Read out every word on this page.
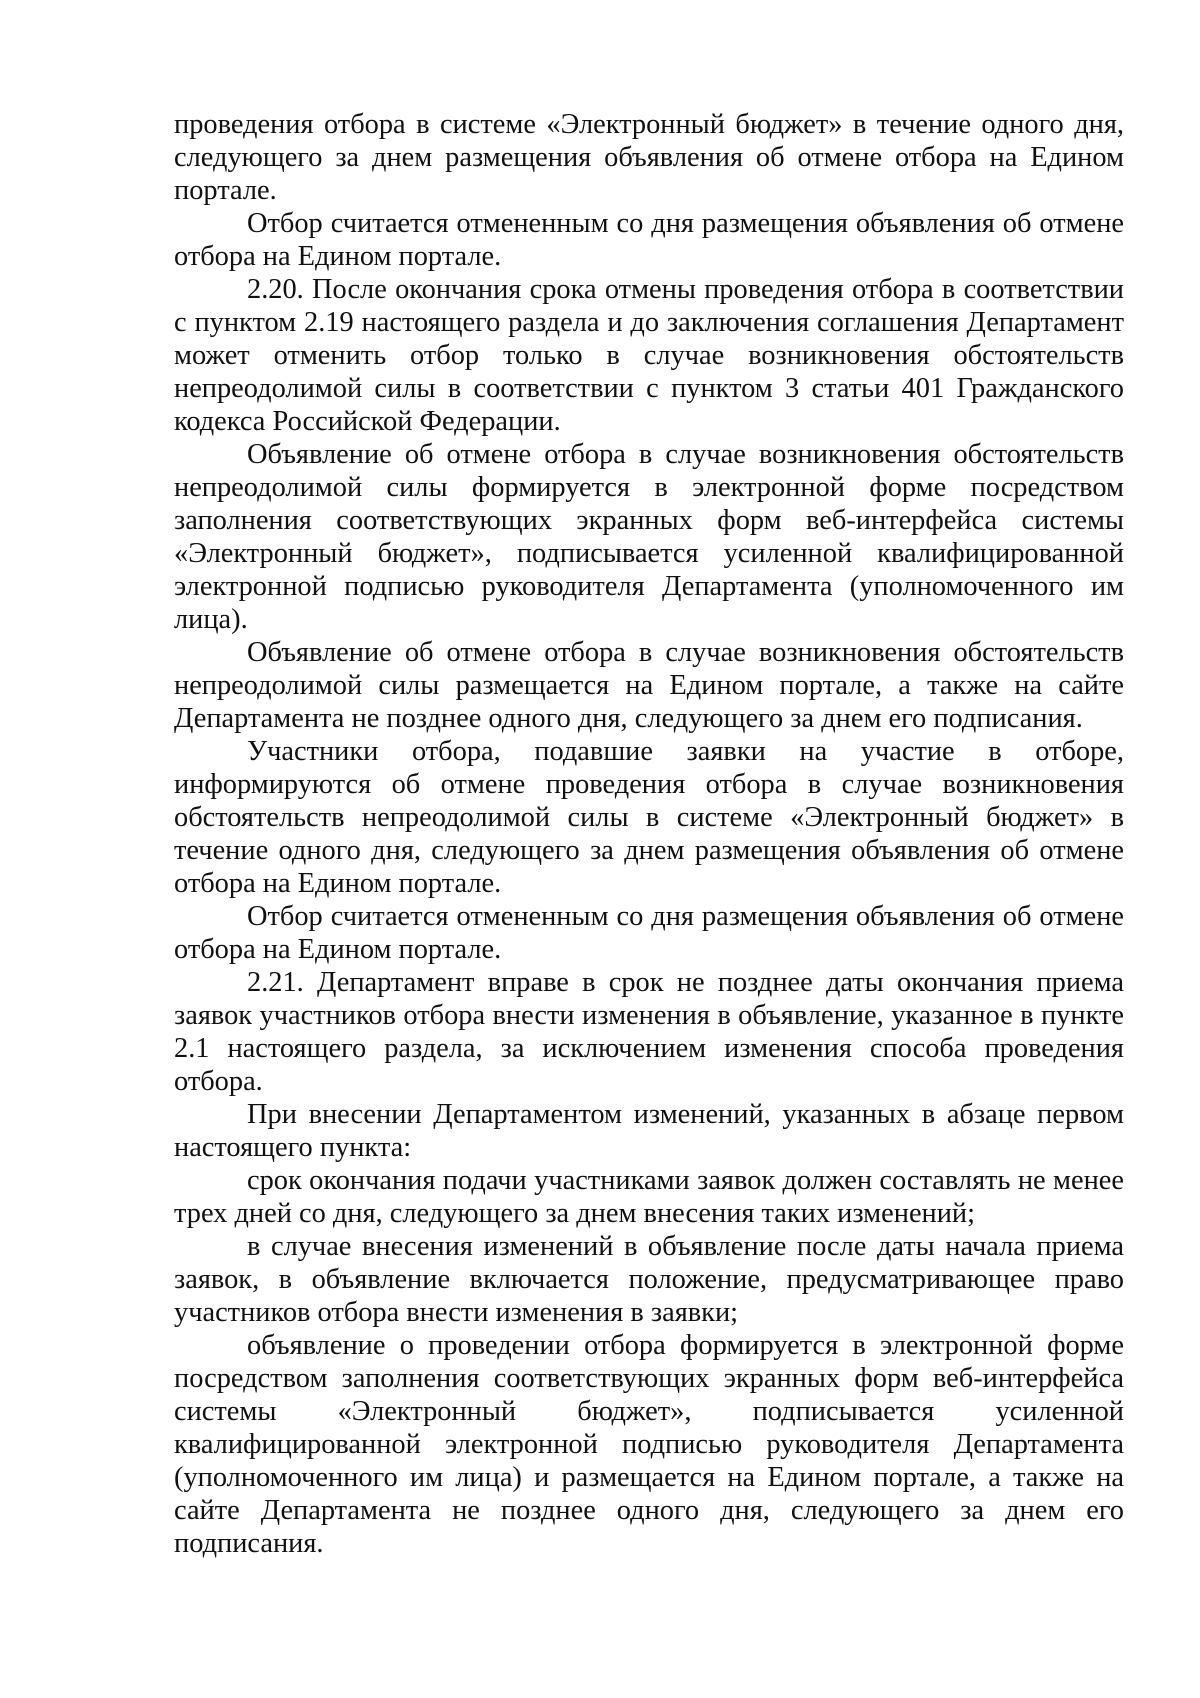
проведения отбора в системе «Электронный бюджет» в течение одного дня, следующего за днем размещения объявления об отмене отбора на Едином портале.

Отбор считается отмененным со дня размещения объявления об отмене отбора на Едином портале.

2.20. После окончания срока отмены проведения отбора в соответствии с пунктом 2.19 настоящего раздела и до заключения соглашения Департамент может отменить отбор только в случае возникновения обстоятельств непреодолимой силы в соответствии с пунктом 3 статьи 401 Гражданского кодекса Российской Федерации.

Объявление об отмене отбора в случае возникновения обстоятельств непреодолимой силы формируется в электронной форме посредством заполнения соответствующих экранных форм веб-интерфейса системы «Электронный бюджет», подписывается усиленной квалифицированной электронной подписью руководителя Департамента (уполномоченного им лица).

Объявление об отмене отбора в случае возникновения обстоятельств непреодолимой силы размещается на Едином портале, а также на сайте Департамента не позднее одного дня, следующего за днем его подписания.

Участники отбора, подавшие заявки на участие в отборе, информируются об отмене проведения отбора в случае возникновения обстоятельств непреодолимой силы в системе «Электронный бюджет» в течение одного дня, следующего за днем размещения объявления об отмене отбора на Едином портале.

Отбор считается отмененным со дня размещения объявления об отмене отбора на Едином портале.

2.21. Департамент вправе в срок не позднее даты окончания приема заявок участников отбора внести изменения в объявление, указанное в пункте 2.1 настоящего раздела, за исключением изменения способа проведения отбора.

При внесении Департаментом изменений, указанных в абзаце первом настоящего пункта:

срок окончания подачи участниками заявок должен составлять не менее трех дней со дня, следующего за днем внесения таких изменений;

в случае внесения изменений в объявление после даты начала приема заявок, в объявление включается положение, предусматривающее право участников отбора внести изменения в заявки;

объявление о проведении отбора формируется в электронной форме посредством заполнения соответствующих экранных форм веб-интерфейса системы «Электронный бюджет», подписывается усиленной квалифицированной электронной подписью руководителя Департамента (уполномоченного им лица) и размещается на Едином портале, а также на сайте Департамента не позднее одного дня, следующего за днем его подписания.
